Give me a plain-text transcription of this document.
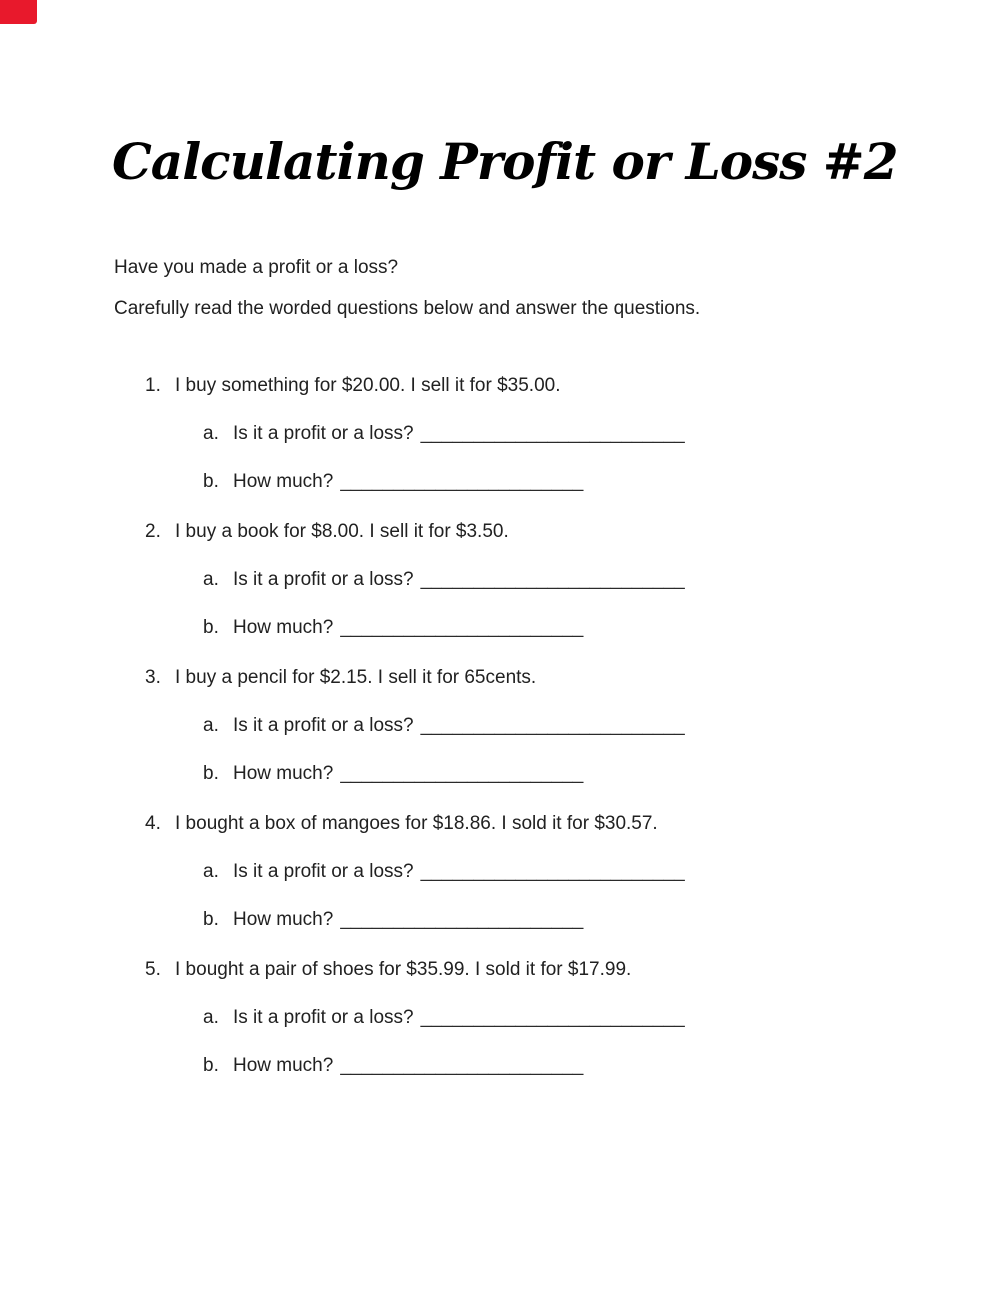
Calculating Profit or Loss #2

Have you made a profit or a loss?

Carefully read the worded questions below and answer the questions.

1. I buy something for $20.00. I sell it for $35.00.
a. Is it a profit or a loss? _________________________
b. How much? _______________________
2. I buy a book for $8.00. I sell it for $3.50.
a. Is it a profit or a loss? _________________________
b. How much? _______________________
3. I buy a pencil for $2.15. I sell it for 65cents.
a. Is it a profit or a loss? _________________________
b. How much? _______________________
4. I bought a box of mangoes for $18.86. I sold it for $30.57.
a. Is it a profit or a loss? _________________________
b. How much? _______________________
5. I bought a pair of shoes for $35.99. I sold it for $17.99.
a. Is it a profit or a loss? _________________________
b. How much? _______________________
